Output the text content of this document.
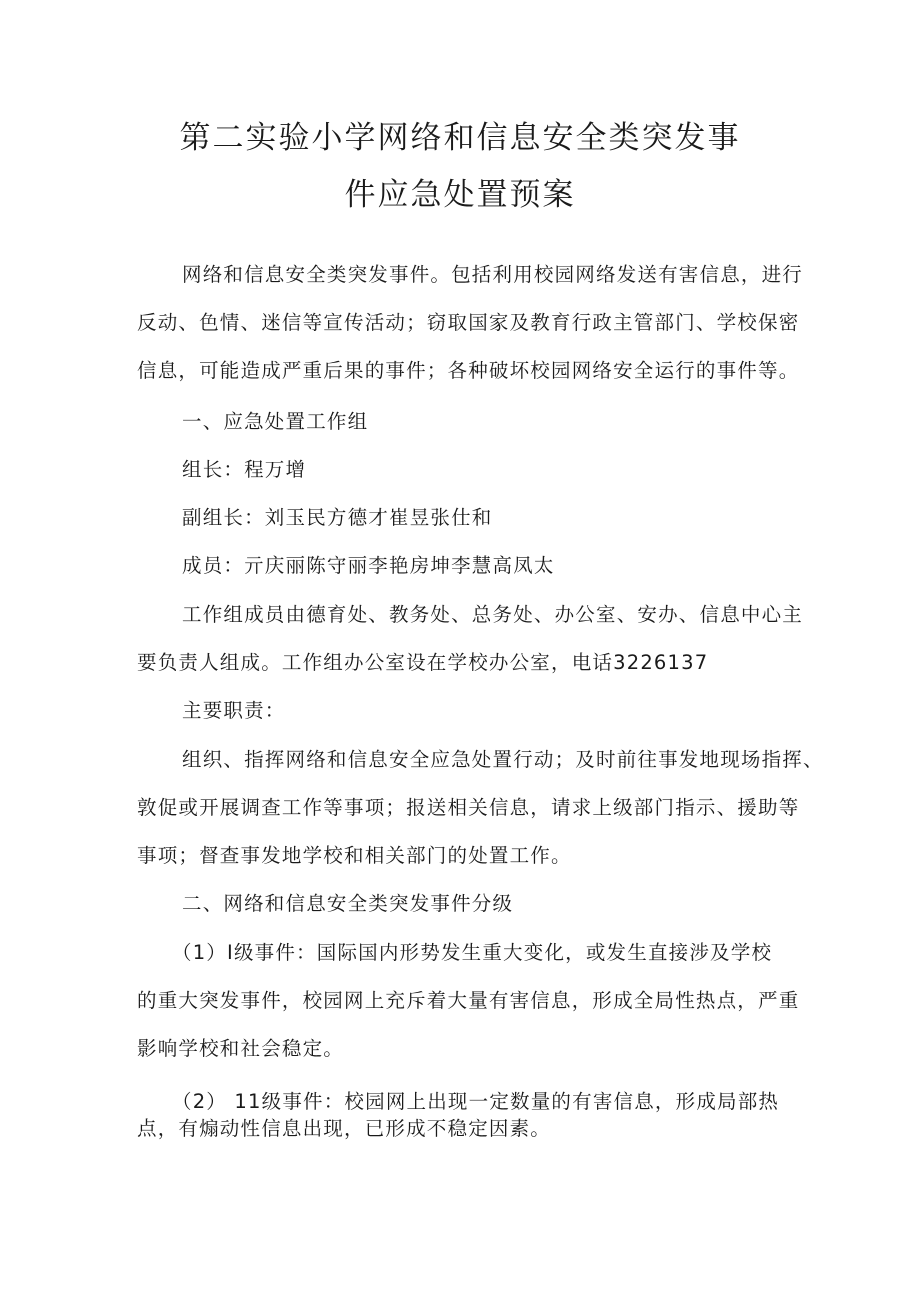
第二实验小学网络和信息安全类突发事
件应急处置预案

网络和信息安全类突发事件。包括利用校园网络发送有害信息，进行

反动、色情、迷信等宣传活动；窃取国家及教育行政主管部门、学校保密

信息，可能造成严重后果的事件；各种破坏校园网络安全运行的事件等。

一、应急处置工作组

组长：程万增

副组长：刘玉民方德才崔昱张仕和

成员：亓庆丽陈守丽李艳房坤李慧高凤太

工作组成员由德育处、教务处、总务处、办公室、安办、信息中心主

要负责人组成。工作组办公室设在学校办公室，电话3226137

主要职责：

组织、指挥网络和信息安全应急处置行动；及时前往事发地现场指挥、

敦促或开展调查工作等事项；报送相关信息，请求上级部门指示、援助等

事项；督查事发地学校和相关部门的处置工作。

二、网络和信息安全类突发事件分级

（1）Ⅰ级事件：国际国内形势发生重大变化，或发生直接涉及学校

的重大突发事件，校园网上充斥着大量有害信息，形成全局性热点，严重

影响学校和社会稳定。

（2） 11级事件：校园网上出现一定数量的有害信息，形成局部热

点，有煽动性信息出现，已形成不稳定因素。
